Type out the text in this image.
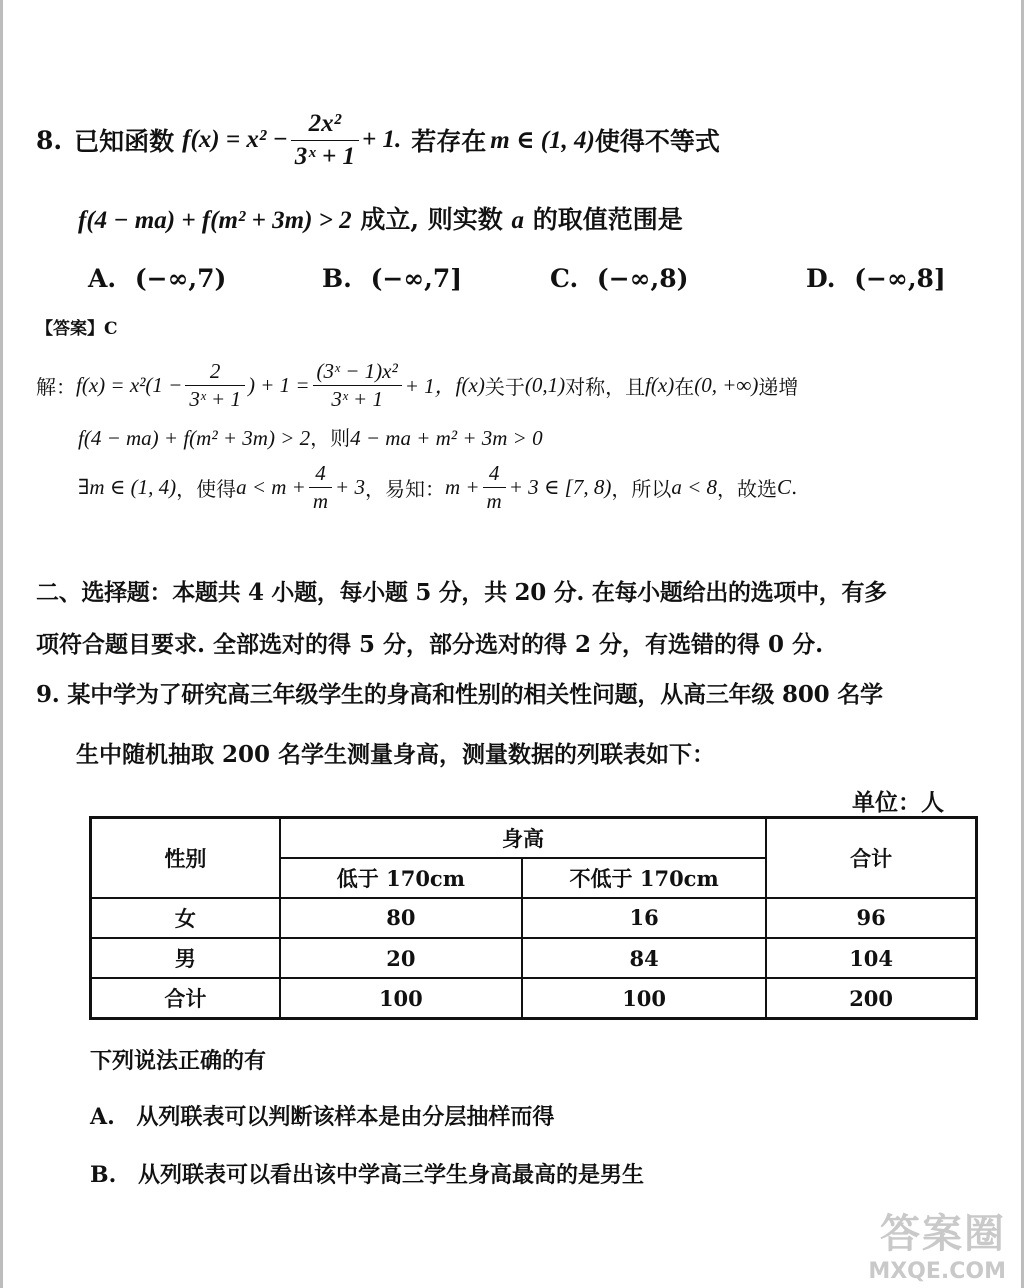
8. 已知函数 $f(x) = x^2 - \frac{\text{2x²}}{\text{3ˣ + 1}} + 1$. 若存在 m ∈ (1, 4) 使得不等式
f(4 − ma) + f(m² + 3m) > 2 成立, 则实数 a 的取值范围是
A. (−∞,7)	B. (−∞,7]	C. (−∞,8)	D. (−∞,8]
【答案】C
解： $f(x) = x^2(1 - \frac{2}{\text{3ˣ + 1}}$ ) + $1 = \frac{\text{(3ˣ − 1)x²}}{\text{3ˣ + 1}} + 1$， f(x) 关于 (0,1) 对称，且 f(x) 在 (0, +∞) 递增
f(4 − ma) + f(m² + 3m) > 2，则4 − ma + m² + 3m > 0
∃m ∈ (1, 4) ，使得 $a < m + \frac{4}{m} + 3$ ，易知： $m + \frac{4}{m} + 3$ ∈ [7, 8) ，所以 a < 8 ，故选 C .
二、选择题：本题共 4 小题，每小题 5 分，共 20 分. 在每小题给出的选项中，有多
项符合题目要求. 全部选对的得 5 分，部分选对的得 2 分，有选错的得 0 分.
9. 某中学为了研究高三年级学生的身高和性别的相关性问题，从高三年级 800 名学
生中随机抽取 200 名学生测量身高，测量数据的列联表如下：
单位：人
性别	身高		合计
	低于 170cm	不低于 170cm	
女	80	16	96
男	20	84	104
合计	100	100	200
下列说法正确的有
A. 从列联表可以判断该样本是由分层抽样而得
B. 从列联表可以看出该中学高三学生身高最高的是男生
答案圈
MXQE.COM
